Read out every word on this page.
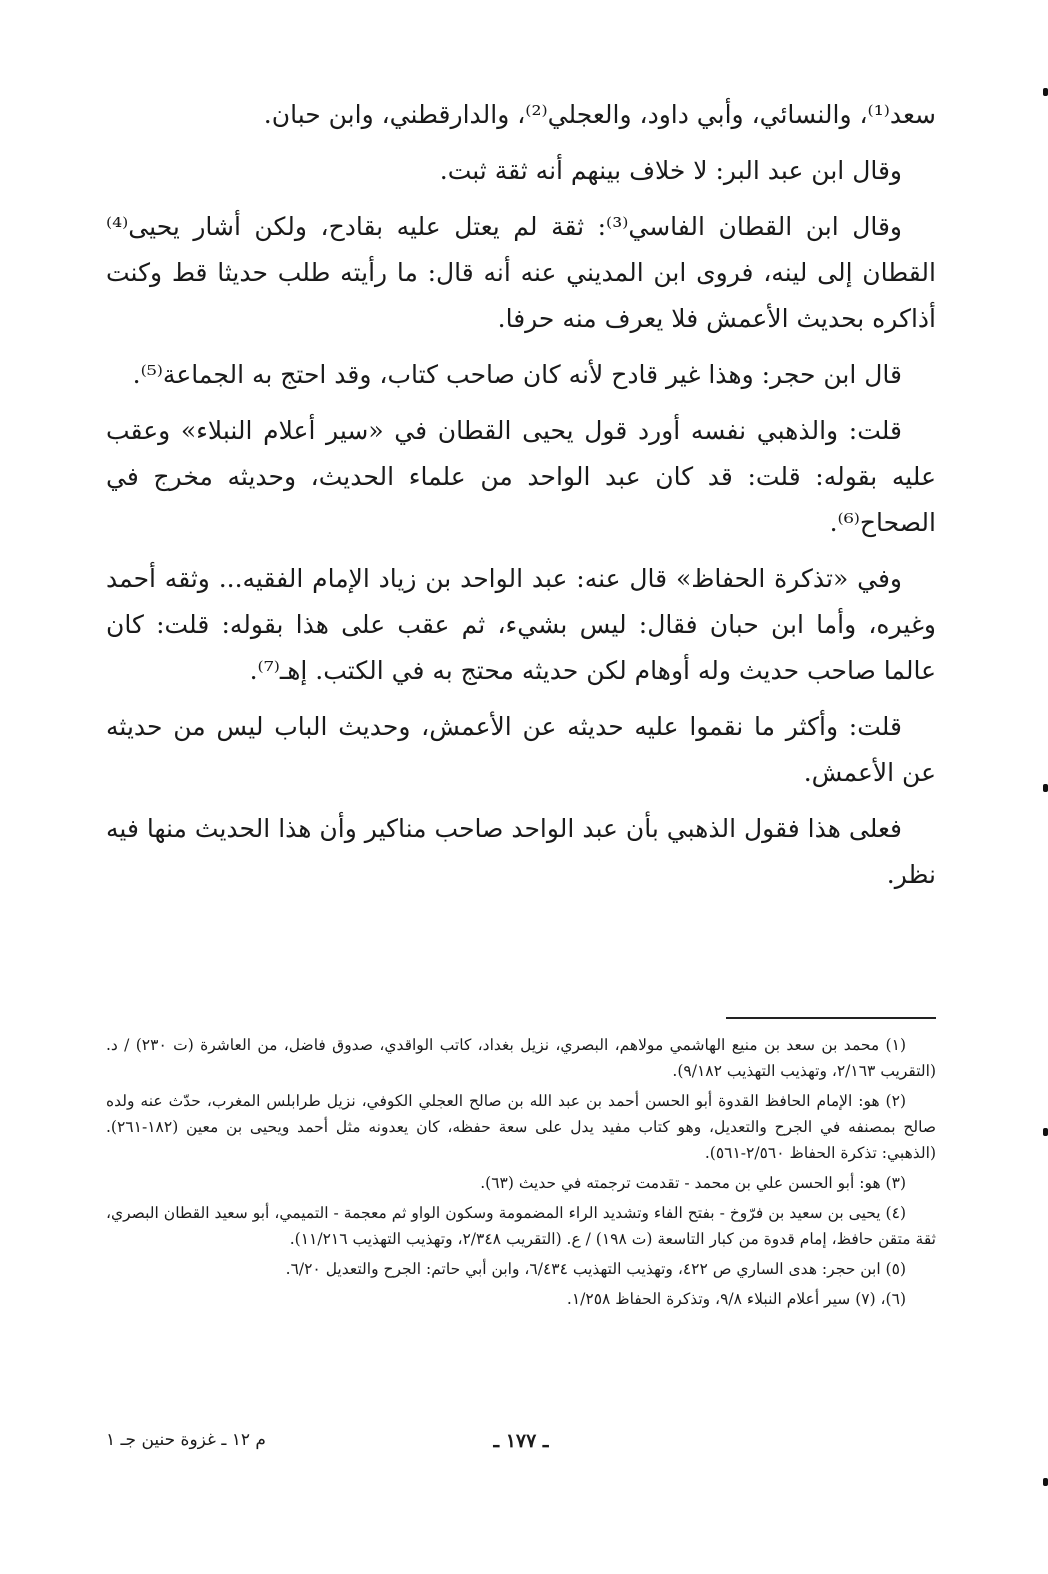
سعد⁽¹⁾، والنسائي، وأبي داود، والعجلي⁽²⁾، والدارقطني، وابن حبان.

وقال ابن عبد البر: لا خلاف بينهم أنه ثقة ثبت.

وقال ابن القطان الفاسي⁽³⁾: ثقة لم يعتل عليه بقادح، ولكن أشار يحيى⁽⁴⁾ القطان إلى لينه، فروى ابن المديني عنه أنه قال: ما رأيته طلب حديثا قط وكنت أذاكره بحديث الأعمش فلا يعرف منه حرفا.

قال ابن حجر: وهذا غير قادح لأنه كان صاحب كتاب، وقد احتج به الجماعة⁽⁵⁾.

قلت: والذهبي نفسه أورد قول يحيى القطان في «سير أعلام النبلاء» وعقب عليه بقوله: قلت: قد كان عبد الواحد من علماء الحديث، وحديثه مخرج في الصحاح⁽⁶⁾.

وفي «تذكرة الحفاظ» قال عنه: عبد الواحد بن زياد الإمام الفقيه... وثقه أحمد وغيره، وأما ابن حبان فقال: ليس بشيء، ثم عقب على هذا بقوله: قلت: كان عالما صاحب حديث وله أوهام لكن حديثه محتج به في الكتب. إهـ⁽⁷⁾.

قلت: وأكثر ما نقموا عليه حديثه عن الأعمش، وحديث الباب ليس من حديثه عن الأعمش.

فعلى هذا فقول الذهبي بأن عبد الواحد صاحب مناكير وأن هذا الحديث منها فيه نظر.

(١) محمد بن سعد بن منيع الهاشمي مولاهم، البصري، نزيل بغداد، كاتب الواقدي، صدوق فاضل، من العاشرة (ت ٢٣٠) / د. (التقريب ٢/١٦٣، وتهذيب التهذيب ٩/١٨٢).

(٢) هو: الإمام الحافظ القدوة أبو الحسن أحمد بن عبد الله بن صالح العجلي الكوفي، نزيل طرابلس المغرب، حدّث عنه ولده صالح بمصنفه في الجرح والتعديل، وهو كتاب مفيد يدل على سعة حفظه، كان يعدونه مثل أحمد ويحيى بن معين (١٨٢-٢٦١). (الذهبي: تذكرة الحفاظ ٢/٥٦٠-٥٦١).

(٣) هو: أبو الحسن علي بن محمد - تقدمت ترجمته في حديث (٦٣).

(٤) يحيى بن سعيد بن فرّوخ - بفتح الفاء وتشديد الراء المضمومة وسكون الواو ثم معجمة - التميمي، أبو سعيد القطان البصري، ثقة متقن حافظ، إمام قدوة من كبار التاسعة (ت ١٩٨) / ع. (التقريب ٢/٣٤٨، وتهذيب التهذيب ١١/٢١٦).

(٥) ابن حجر: هدى الساري ص ٤٢٢، وتهذيب التهذيب ٦/٤٣٤، وابن أبي حاتم: الجرح والتعديل ٦/٢٠.

(٦)، (٧) سير أعلام النبلاء ٩/٨، وتذكرة الحفاظ ١/٢٥٨.

ـ ١٧٧ ـ
م ١٢ ـ غزوة حنين جـ ١
